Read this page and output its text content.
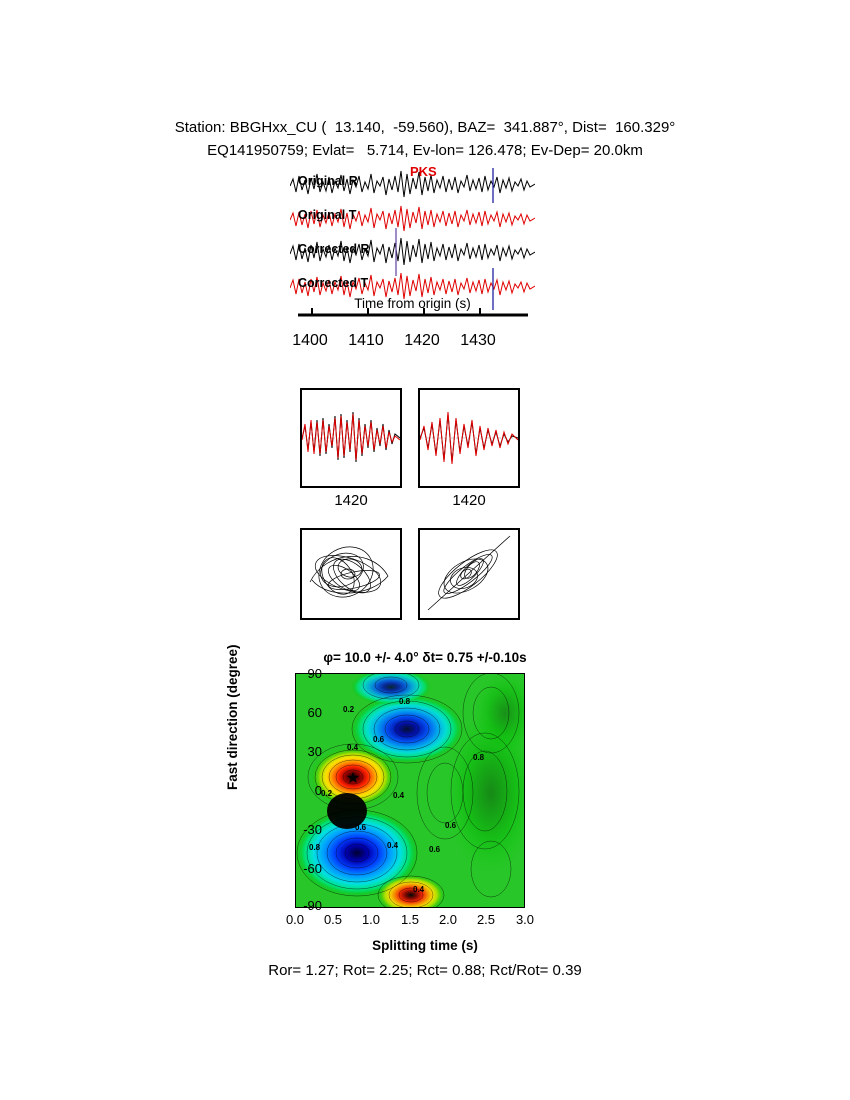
Station: BBGHxx_CU (  13.140,  -59.560), BAZ=  341.887°, Dist=  160.329°
EQ141950759; Evlat=   5.714, Ev-lon= 126.478; Ev-Dep= 20.0km
Original R
Original T
Corrected R
Corrected T
PKS
Time from origin (s)
1400	1410	1420	1430
1420	1420
φ= 10.0 +/- 4.0° δt= 0.75 +/-0.10s
★
0.2
0.8
0.6
0.4
0.2	0.4
0.8
0.6
0.8	0.4	0.6
0.6
0.4
Fast direction (degree)	90
60
30
0
-30
-60
-90
0.0	0.5	1.0	1.5	2.0	2.5	3.0
Splitting time (s)
Ror= 1.27; Rot= 2.25; Rct= 0.88; Rct/Rot= 0.39
